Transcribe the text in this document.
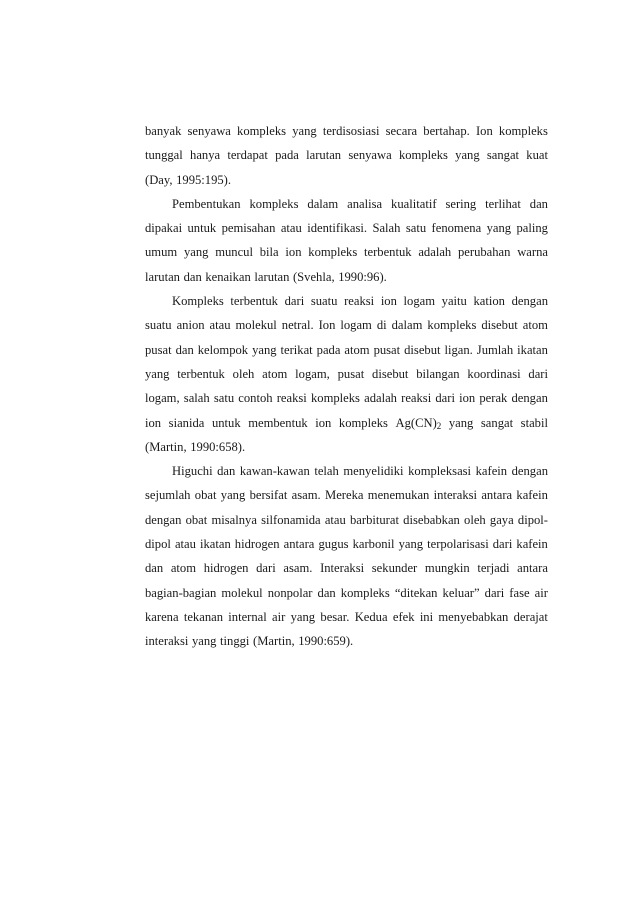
banyak senyawa kompleks yang terdisosiasi secara bertahap. Ion kompleks
tunggal hanya terdapat pada larutan senyawa kompleks yang sangat kuat
(Day, 1995:195).
Pembentukan kompleks dalam analisa kualitatif sering terlihat dan
dipakai untuk pemisahan atau identifikasi. Salah satu fenomena yang paling
umum yang muncul bila ion kompleks terbentuk adalah perubahan warna
larutan dan kenaikan larutan (Svehla, 1990:96).
Kompleks terbentuk dari suatu reaksi ion logam yaitu kation dengan
suatu anion atau molekul netral. Ion logam di dalam kompleks disebut atom
pusat dan kelompok yang terikat pada atom pusat disebut ligan. Jumlah ikatan
yang terbentuk oleh atom logam, pusat disebut bilangan koordinasi dari
logam, salah satu contoh reaksi kompleks adalah reaksi dari ion perak dengan
ion sianida untuk membentuk ion kompleks $Ag(CN)_2$ yang sangat stabil
(Martin, 1990:658).
Higuchi dan kawan-kawan telah menyelidiki kompleksasi kafein dengan
sejumlah obat yang bersifat asam. Mereka menemukan interaksi antara kafein
dengan obat misalnya silfonamida atau barbiturat disebabkan oleh gaya dipol-
dipol atau ikatan hidrogen antara gugus karbonil yang terpolarisasi dari kafein
dan atom hidrogen dari asam. Interaksi sekunder mungkin terjadi antara
bagian-bagian molekul nonpolar dan kompleks “ditekan keluar” dari fase air
karena tekanan internal air yang besar. Kedua efek ini menyebabkan derajat
interaksi yang tinggi (Martin, 1990:659).
